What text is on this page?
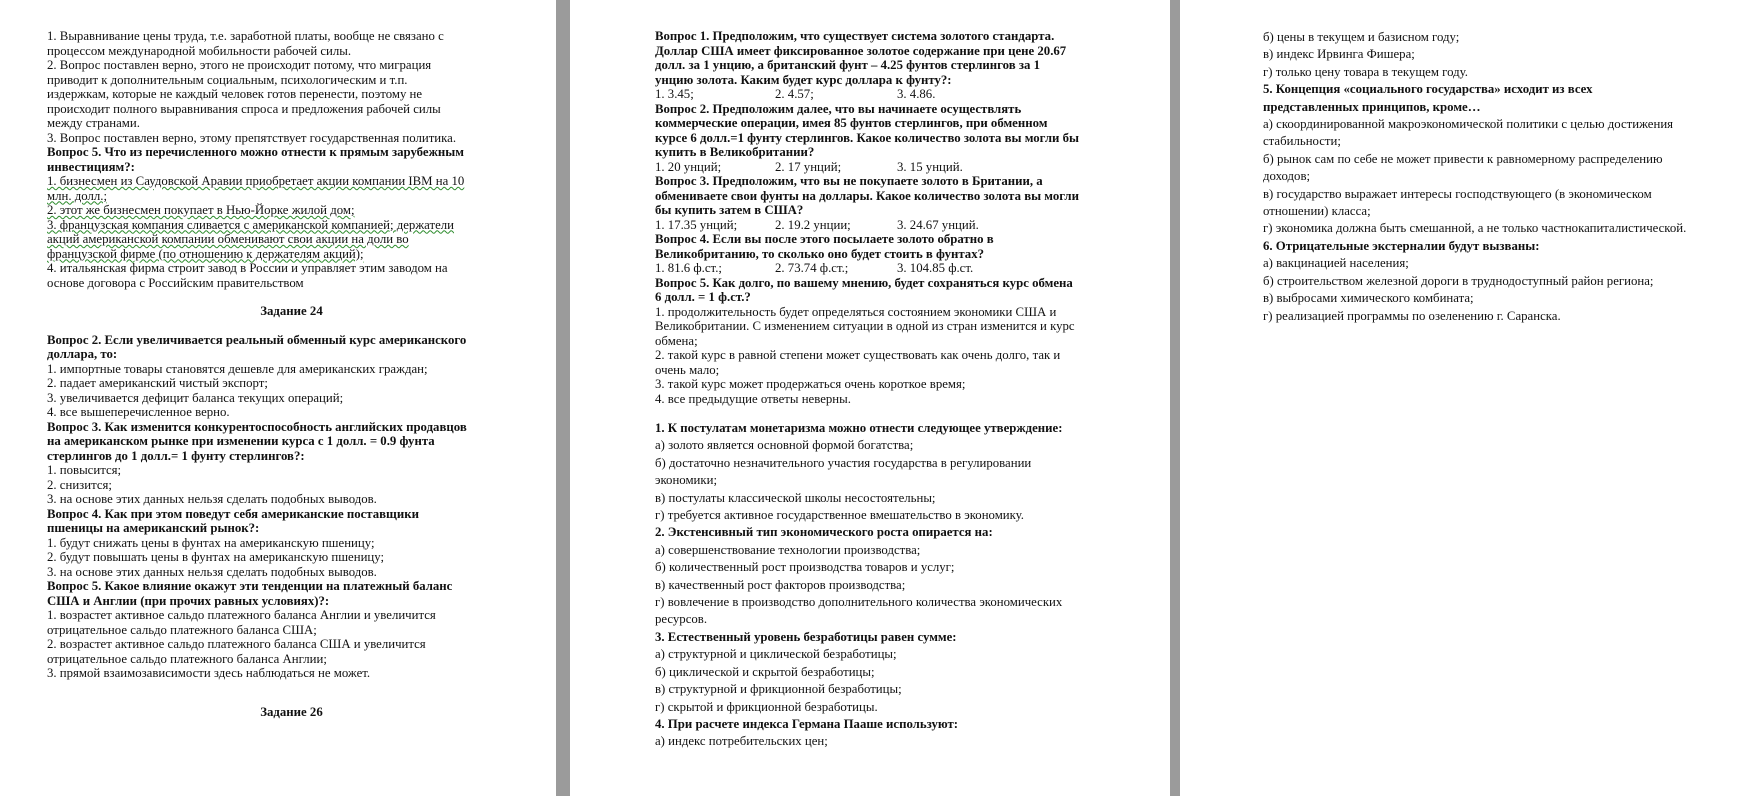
1. Выравнивание цены труда, т.е. заработной платы, вообще не связано с
процессом международной мобильности рабочей силы.
2. Вопрос поставлен верно, этого не происходит потому, что миграция
приводит к дополнительным социальным, психологическим и т.п.
издержкам, которые не каждый человек готов перенести, поэтому не
происходит полного выравнивания спроса и предложения рабочей силы
между странами.
3. Вопрос поставлен верно, этому препятствует государственная политика.
Вопрос 5. Что из перечисленного можно отнести к прямым зарубежным
инвестициям?:
1. бизнесмен из Саудовской Аравии приобретает акции компании IBM на 10
млн. долл.;
2. этот же бизнесмен покупает в Нью-Йорке жилой дом;
3. французская компания сливается с американской компанией; держатели
акций американской компании обменивают свои акции на доли во
французской фирме (по отношению к держателям акций);
4. итальянская фирма строит завод в России и управляет этим заводом на
основе договора с Российским правительством
Задание 24
Вопрос 2. Если увеличивается реальный обменный курс американского
доллара, то:
1. импортные товары становятся дешевле для американских граждан;
2. падает американский чистый экспорт;
3. увеличивается дефицит баланса текущих операций;
4. все вышеперечисленное верно.
Вопрос 3. Как изменится конкурентоспособность английских продавцов
на американском рынке при изменении курса с 1 долл. = 0.9 фунта
стерлингов до 1 долл.= 1 фунту стерлингов?:
1. повысится;
2. снизится;
3. на основе этих данных нельзя сделать подобных выводов.
Вопрос 4. Как при этом поведут себя американские поставщики
пшеницы на американский рынок?:
1. будут снижать цены в фунтах на американскую пшеницу;
2. будут повышать цены в фунтах на американскую пшеницу;
3. на основе этих данных нельзя сделать подобных выводов.
Вопрос 5. Какое влияние окажут эти тенденции на платежный баланс
США и Англии (при прочих равных условиях)?:
1. возрастет активное сальдо платежного баланса Англии и увеличится
отрицательное сальдо платежного баланса США;
2. возрастет активное сальдо платежного баланса США и увеличится
отрицательное сальдо платежного баланса Англии;
3. прямой взаимозависимости здесь наблюдаться не может.
Задание 26
Вопрос 1. Предположим, что существует система золотого стандарта.
Доллар США имеет фиксированное золотое содержание при цене 20.67
долл. за 1 унцию, а британский фунт – 4.25 фунтов стерлингов за 1
унцию золота. Каким будет курс доллара к фунту?:
1. 3.45;	2. 4.57;	3. 4.86.
Вопрос 2. Предположим далее, что вы начинаете осуществлять
коммерческие операции, имея 85 фунтов стерлингов, при обменном
курсе 6 долл.=1 фунту стерлингов. Какое количество золота вы могли бы
купить в Великобритании?
1. 20 унций;	2. 17 унций;	3. 15 унций.
Вопрос 3. Предположим, что вы не покупаете золото в Британии, а
обмениваете свои фунты на доллары. Какое количество золота вы могли
бы купить затем в США?
1. 17.35 унций;	2. 19.2 унции;	3. 24.67 унций.
Вопрос 4. Если вы после этого посылаете золото обратно в
Великобританию, то сколько оно будет стоить в фунтах?
1. 81.6 ф.ст.;	2. 73.74 ф.ст.;	3. 104.85 ф.ст.
Вопрос 5. Как долго, по вашему мнению, будет сохраняться курс обмена
6 долл. = 1 ф.ст.?
1. продолжительность будет определяться состоянием экономики США и
Великобритании. С изменением ситуации в одной из стран изменится и курс
обмена;
2. такой курс в равной степени может существовать как очень долго, так и
очень мало;
3. такой курс может продержаться очень короткое время;
4. все предыдущие ответы неверны.
1. К постулатам монетаризма можно отнести следующее утверждение:
а) золото является основной формой богатства;
б) достаточно незначительного участия государства в регулировании
экономики;
в) постулаты классической школы несостоятельны;
г) требуется активное государственное вмешательство в экономику.
2. Экстенсивный тип экономического роста опирается на:
а) совершенствование технологии производства;
б) количественный рост производства товаров и услуг;
в) качественный рост факторов производства;
г) вовлечение в производство дополнительного количества экономических
ресурсов.
3. Естественный уровень безработицы равен сумме:
а) структурной и циклической безработицы;
б) циклической и скрытой безработицы;
в) структурной и фрикционной безработицы;
г) скрытой и фрикционной безработицы.
4. При расчете индекса Германа Пааше используют:
а) индекс потребительских цен;
б) цены в текущем и базисном году;
в) индекс Ирвинга Фишера;
г) только цену товара в текущем году.
5. Концепция «социального государства» исходит из всех
представленных принципов, кроме…
а) скоординированной макроэкономической политики с целью достижения
стабильности;
б) рынок сам по себе не может привести к равномерному распределению
доходов;
в) государство выражает интересы господствующего (в экономическом
отношении) класса;
г) экономика должна быть смешанной, а не только частнокапиталистической.
6. Отрицательные экстерналии будут вызваны:
а) вакцинацией населения;
б) строительством железной дороги в труднодоступный район региона;
в) выбросами химического комбината;
г) реализацией программы по озеленению г. Саранска.
